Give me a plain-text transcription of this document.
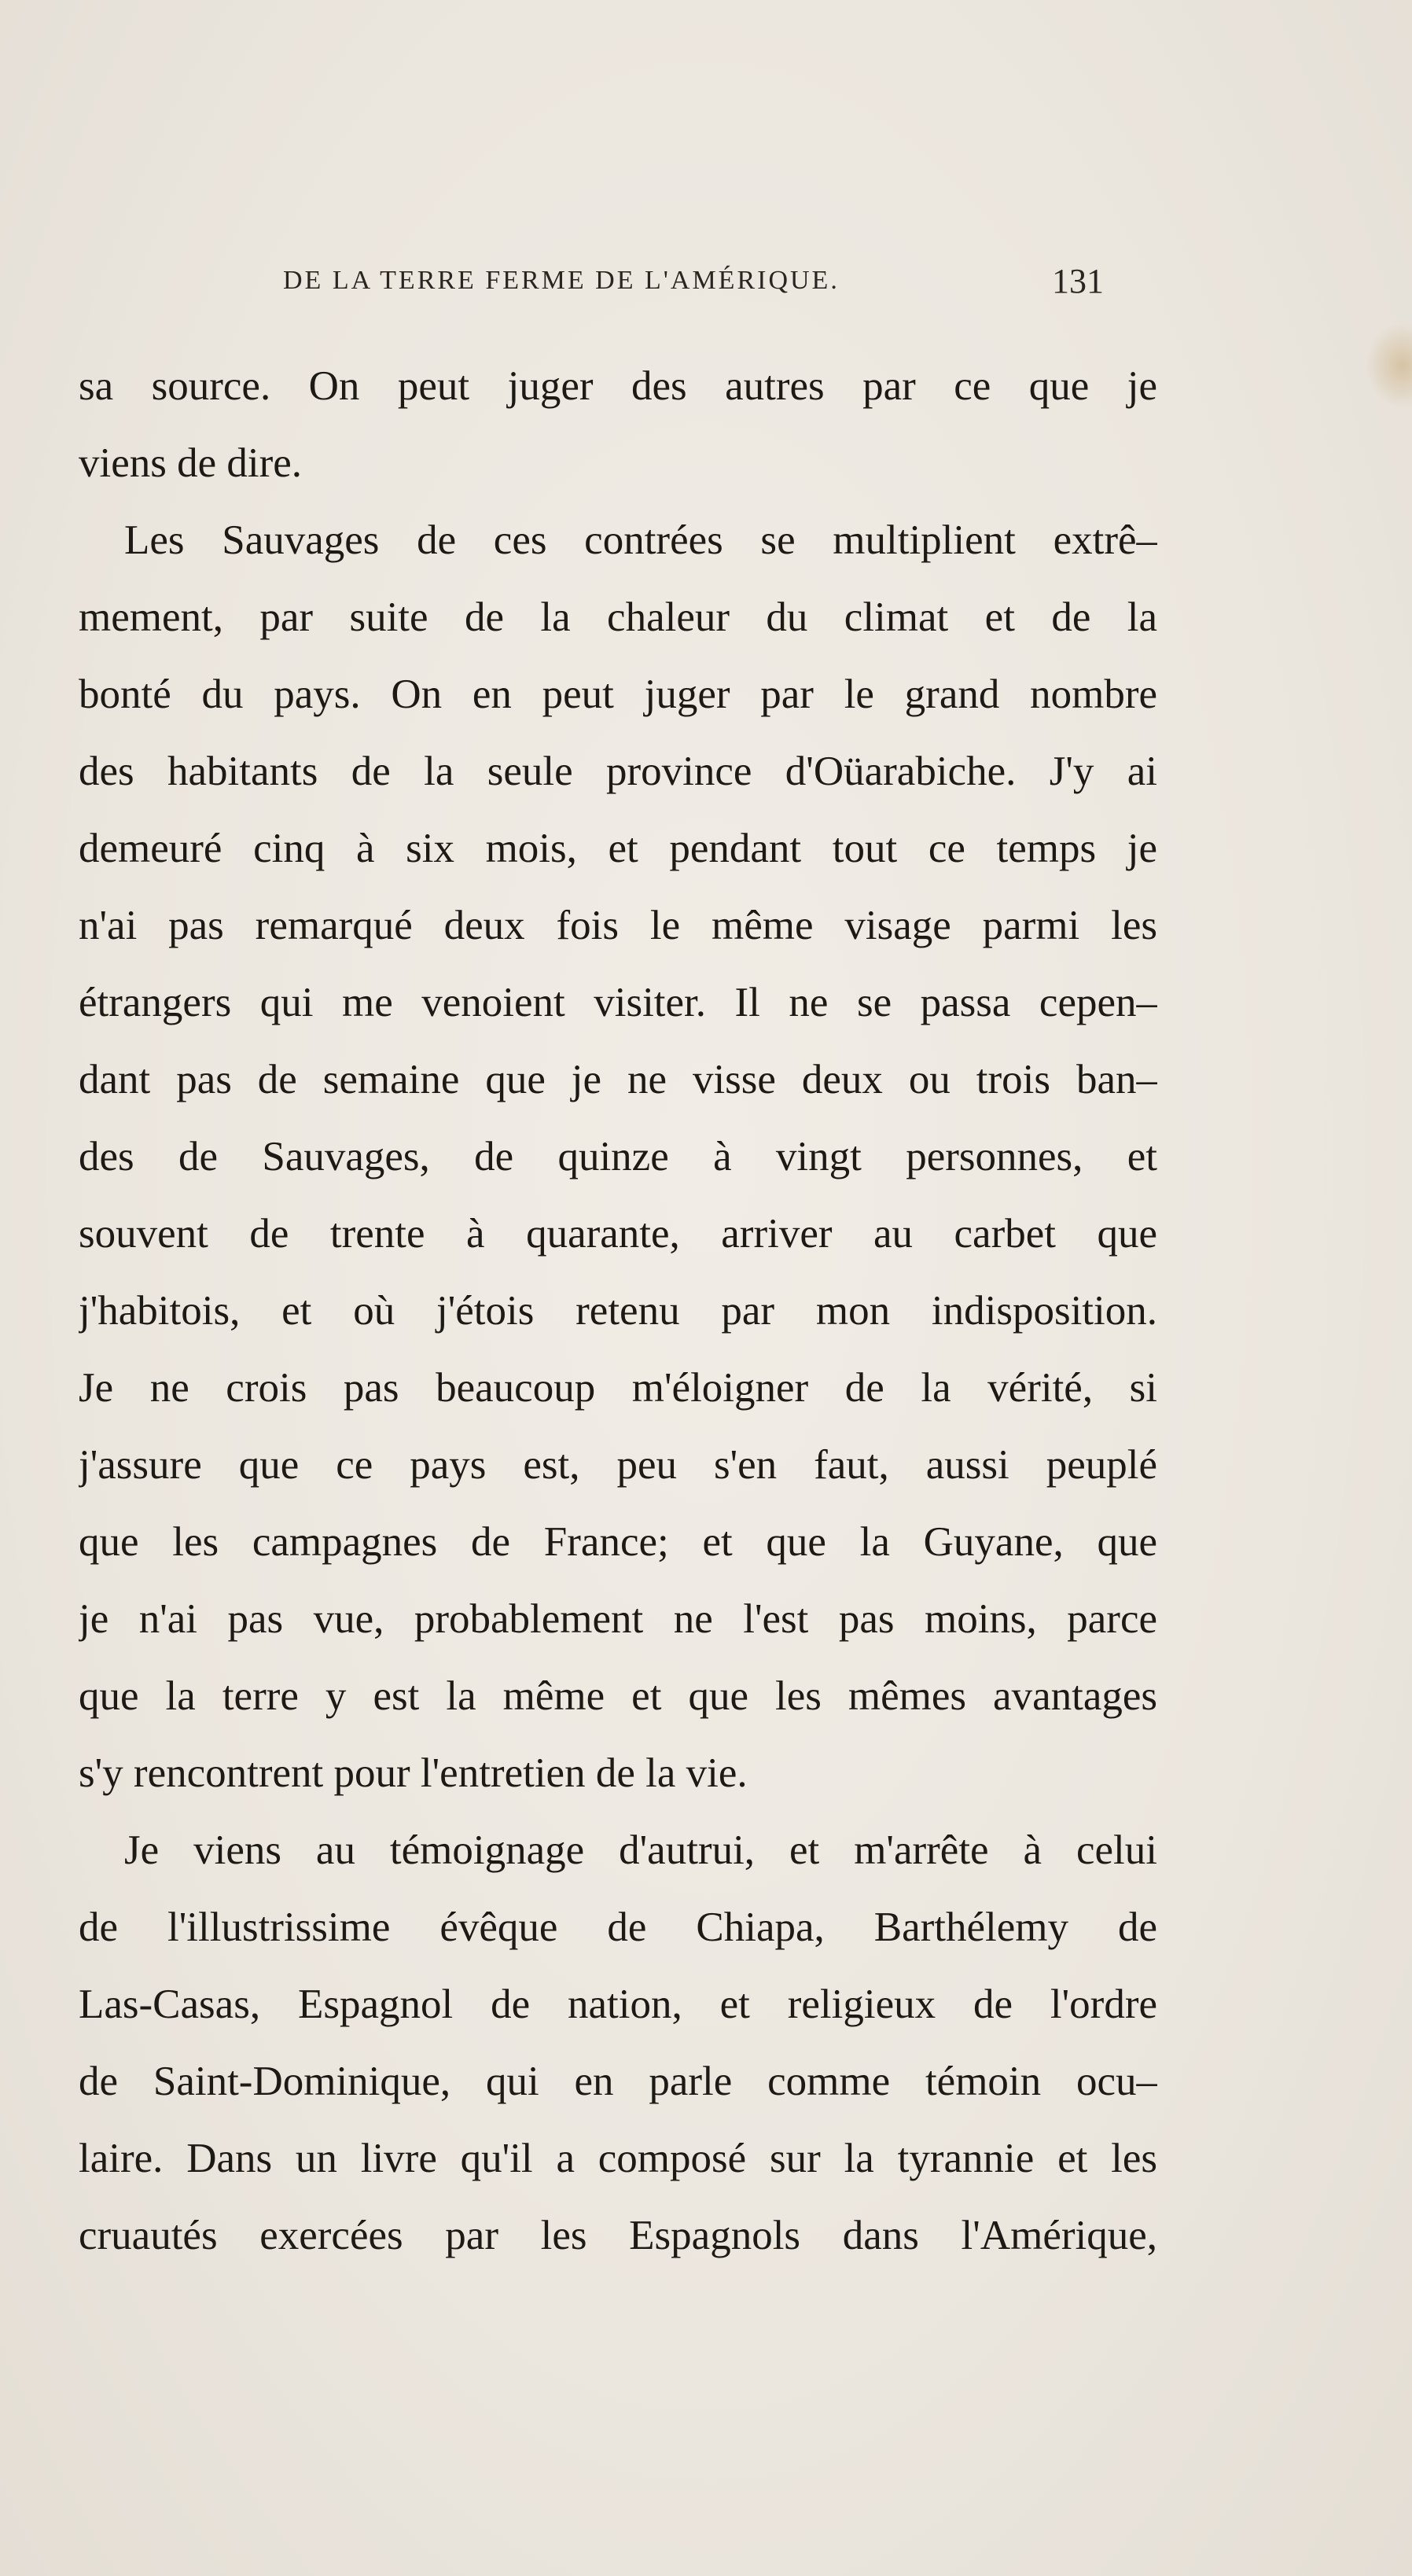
DE LA TERRE FERME DE L'AMÉRIQUE.	131
sa source. On peut juger des autres par ce que je
viens de dire.
Les Sauvages de ces contrées se multiplient extrê–
mement, par suite de la chaleur du climat et de la
bonté du pays. On en peut juger par le grand nombre
des habitants de la seule province d'Oüarabiche. J'y ai
demeuré cinq à six mois, et pendant tout ce temps je
n'ai pas remarqué deux fois le même visage parmi les
étrangers qui me venoient visiter. Il ne se passa cepen–
dant pas de semaine que je ne visse deux ou trois ban–
des de Sauvages, de quinze à vingt personnes, et
souvent de trente à quarante, arriver au carbet que
j'habitois, et où j'étois retenu par mon indisposition.
Je ne crois pas beaucoup m'éloigner de la vérité, si
j'assure que ce pays est, peu s'en faut, aussi peuplé
que les campagnes de France; et que la Guyane, que
je n'ai pas vue, probablement ne l'est pas moins, parce
que la terre y est la même et que les mêmes avantages
s'y rencontrent pour l'entretien de la vie.
Je viens au témoignage d'autrui, et m'arrête à celui
de l'illustrissime évêque de Chiapa, Barthélemy de
Las-Casas, Espagnol de nation, et religieux de l'ordre
de Saint-Dominique, qui en parle comme témoin ocu–
laire. Dans un livre qu'il a composé sur la tyrannie et les
cruautés exercées par les Espagnols dans l'Amérique,
